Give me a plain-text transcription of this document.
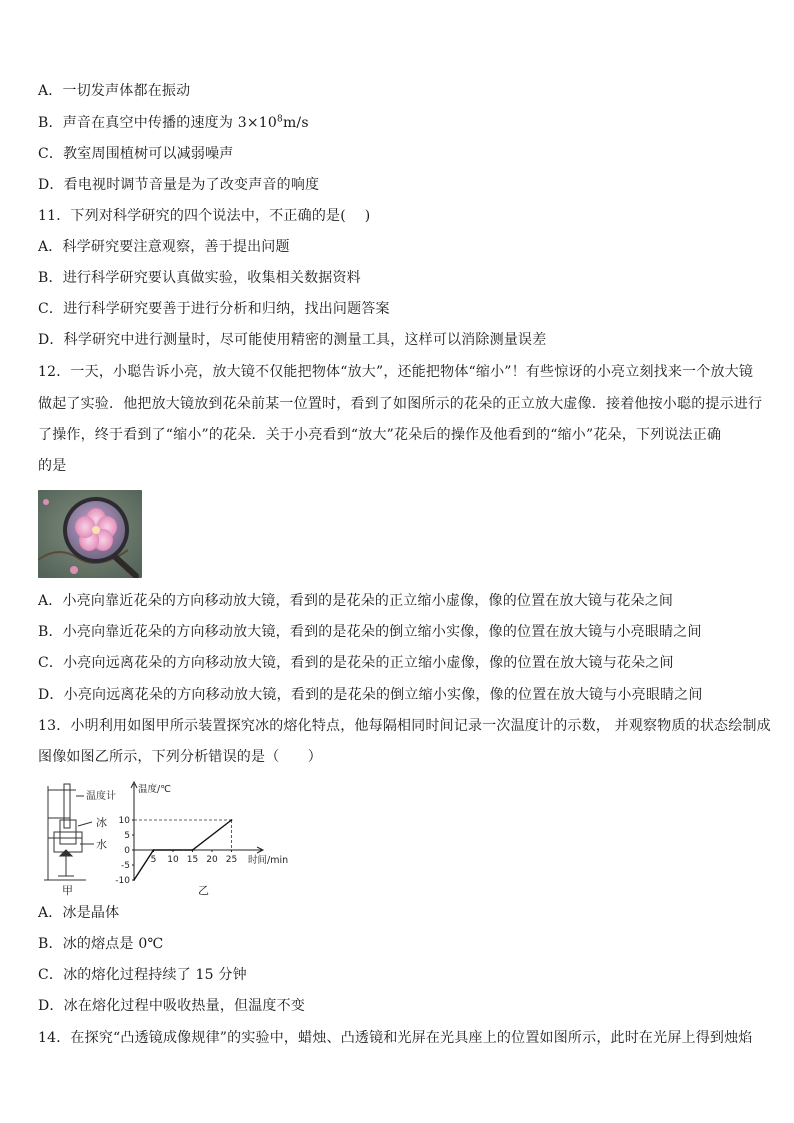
A．一切发声体都在振动
B．声音在真空中传播的速度为 $3\times 10^8m/s$
C．教室周围植树可以减弱噪声
D．看电视时调节音量是为了改变声音的响度
11．下列对科学研究的四个说法中，不正确的是(　 )
A．科学研究要注意观察，善于提出问题
B．进行科学研究要认真做实验，收集相关数据资料
C．进行科学研究要善于进行分析和归纳，找出问题答案
D．科学研究中进行测量时，尽可能使用精密的测量工具，这样可以消除测量误差
12．一天，小聪告诉小亮，放大镜不仅能把物体“放大”，还能把物体“缩小”！有些惊讶的小亮立刻找来一个放大镜
做起了实验．他把放大镜放到花朵前某一位置时，看到了如图所示的花朵的正立放大虚像．接着他按小聪的提示进行
了操作，终于看到了“缩小”的花朵．关于小亮看到“放大”花朵后的操作及他看到的“缩小”花朵，下列说法正确
的是
A．小亮向靠近花朵的方向移动放大镜，看到的是花朵的正立缩小虚像，像的位置在放大镜与花朵之间
B．小亮向靠近花朵的方向移动放大镜，看到的是花朵的倒立缩小实像，像的位置在放大镜与小亮眼睛之间
C．小亮向远离花朵的方向移动放大镜，看到的是花朵的正立缩小虚像，像的位置在放大镜与花朵之间
D．小亮向远离花朵的方向移动放大镜，看到的是花朵的倒立缩小实像，像的位置在放大镜与小亮眼睛之间
13．小明利用如图甲所示装置探究冰的熔化特点，他每隔相同时间记录一次温度计的示数， 并观察物质的状态绘制成
图像如图乙所示，下列分析错误的是（　　）
温度计
冰
水
甲
-10
-5
0
5
10
5 10 15 20 25
温度/℃
时间/min
乙
A．冰是晶体
B．冰的熔点是 0℃
C．冰的熔化过程持续了 15 分钟
D．冰在熔化过程中吸收热量，但温度不变
14．在探究“凸透镜成像规律”的实验中，蜡烛、凸透镜和光屏在光具座上的位置如图所示，此时在光屏上得到烛焰
